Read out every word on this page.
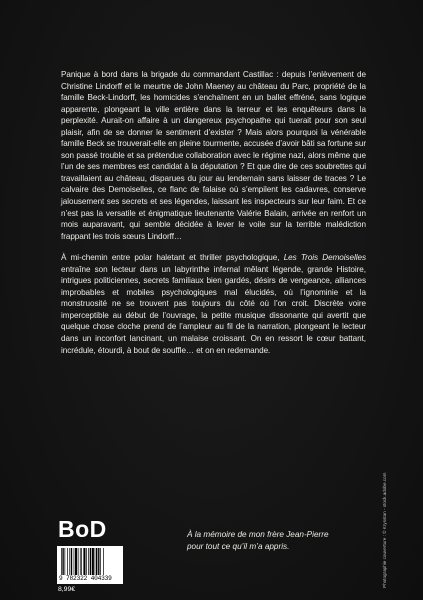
Panique à bord dans la brigade du commandant Castillac : depuis l’enlèvement de Christine Lindorff et le meurtre de John Maeney au château du Parc, propriété de la famille Beck-Lindorff, les homicides s’enchaînent en un ballet effréné, sans logique apparente, plongeant la ville entière dans la terreur et les enquêteurs dans la perplexité. Aurait-on affaire à un dangereux psychopathe qui tuerait pour son seul plaisir, afin de se donner le sentiment d’exister ? Mais alors pourquoi la vénérable famille Beck se trouverait-elle en pleine tourmente, accusée d’avoir bâti sa fortune sur son passé trouble et sa prétendue collaboration avec le régime nazi, alors même que l’un de ses membres est candidat à la députation ? Et que dire de ces soubrettes qui travaillaient au château, disparues du jour au lendemain sans laisser de traces ? Le calvaire des Demoiselles, ce flanc de falaise où s’empilent les cadavres, conserve jalousement ses secrets et ses légendes, laissant les inspecteurs sur leur faim. Et ce n’est pas la versatile et énigmatique lieutenante Valérie Balain, arrivée en renfort un mois auparavant, qui semble décidée à lever le voile sur la terrible malédiction frappant les trois sœurs Lindorff…

À mi-chemin entre polar haletant et thriller psychologique, Les Trois Demoiselles entraîne son lecteur dans un labyrinthe infernal mêlant légende, grande Histoire, intrigues politiciennes, secrets familiaux bien gardés, désirs de vengeance, alliances improbables et mobiles psychologiques mal élucidés, où l’ignominie et la monstruosité ne se trouvent pas toujours du côté où l’on croit. Discrète voire imperceptible au début de l’ouvrage, la petite musique dissonante qui avertit que quelque chose cloche prend de l’ampleur au fil de la narration, plongeant le lecteur dans un inconfort lancinant, un malaise croissant. On en ressort le cœur battant, incrédule, étourdi, à bout de souffle… et on en redemande.

À la mémoire de mon frère Jean-Pierre
pour tout ce qu’il m’a appris.	Photographie couverture : © Krysstan - stock.adobe.com
BoD
9 782322 404339
8,99€
